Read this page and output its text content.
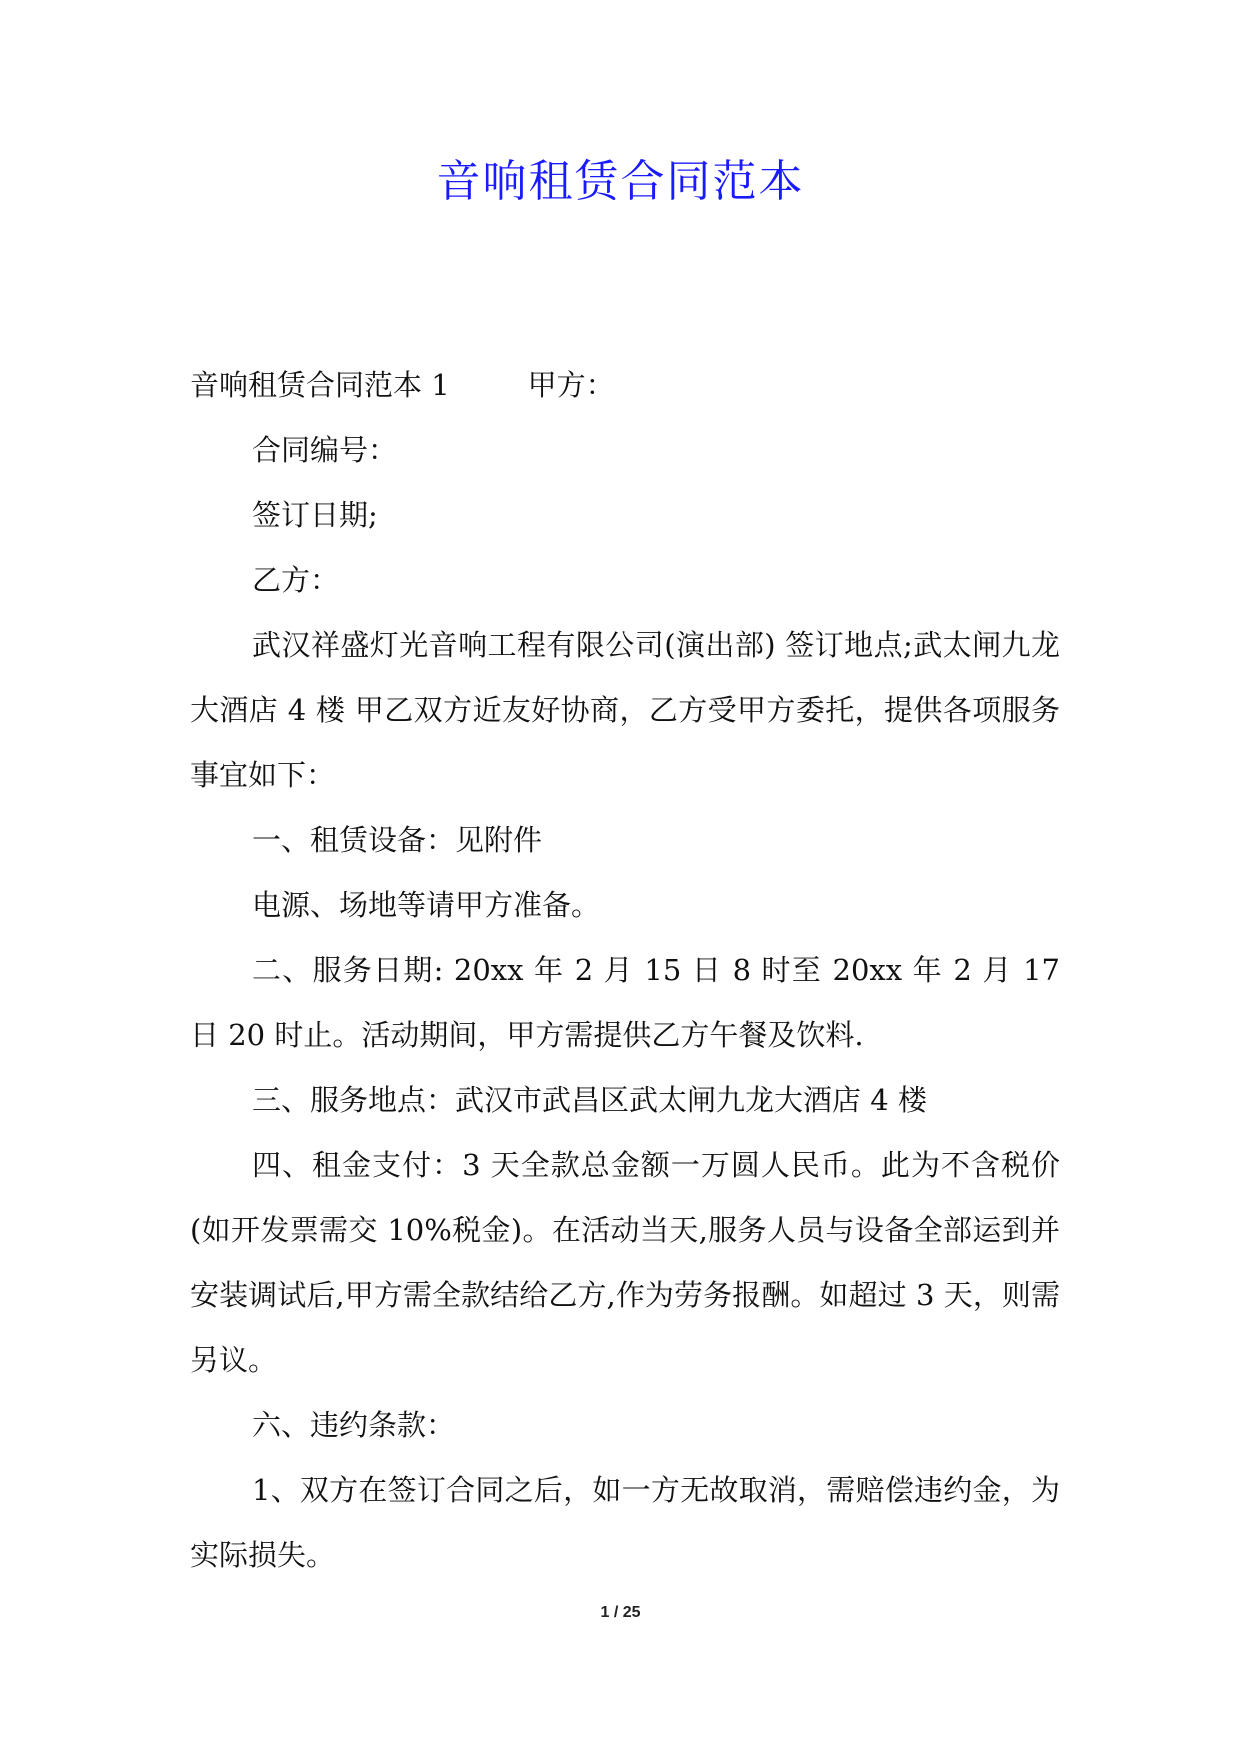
音响租赁合同范本

音响租赁合同范本 1	甲方：

合同编号：

签订日期;

乙方：

武汉祥盛灯光音响工程有限公司(演出部) 签订地点;武太闸九龙大酒店 4 楼 甲乙双方近友好协商，乙方受甲方委托，提供各项服务事宜如下：

一、租赁设备：见附件

电源、场地等请甲方准备。

二、服务日期: 20xx 年 2 月 15 日 8 时至 20xx 年 2 月 17 日 20 时止。活动期间，甲方需提供乙方午餐及饮料.

三、服务地点：武汉市武昌区武太闸九龙大酒店 4 楼

四、租金支付：3 天全款总金额一万圆人民币。此为不含税价(如开发票需交 10%税金)。在活动当天,服务人员与设备全部运到并安装调试后,甲方需全款结给乙方,作为劳务报酬。如超过 3 天，则需另议。

六、违约条款：

1、双方在签订合同之后，如一方无故取消，需赔偿违约金，为实际损失。

1 / 25
